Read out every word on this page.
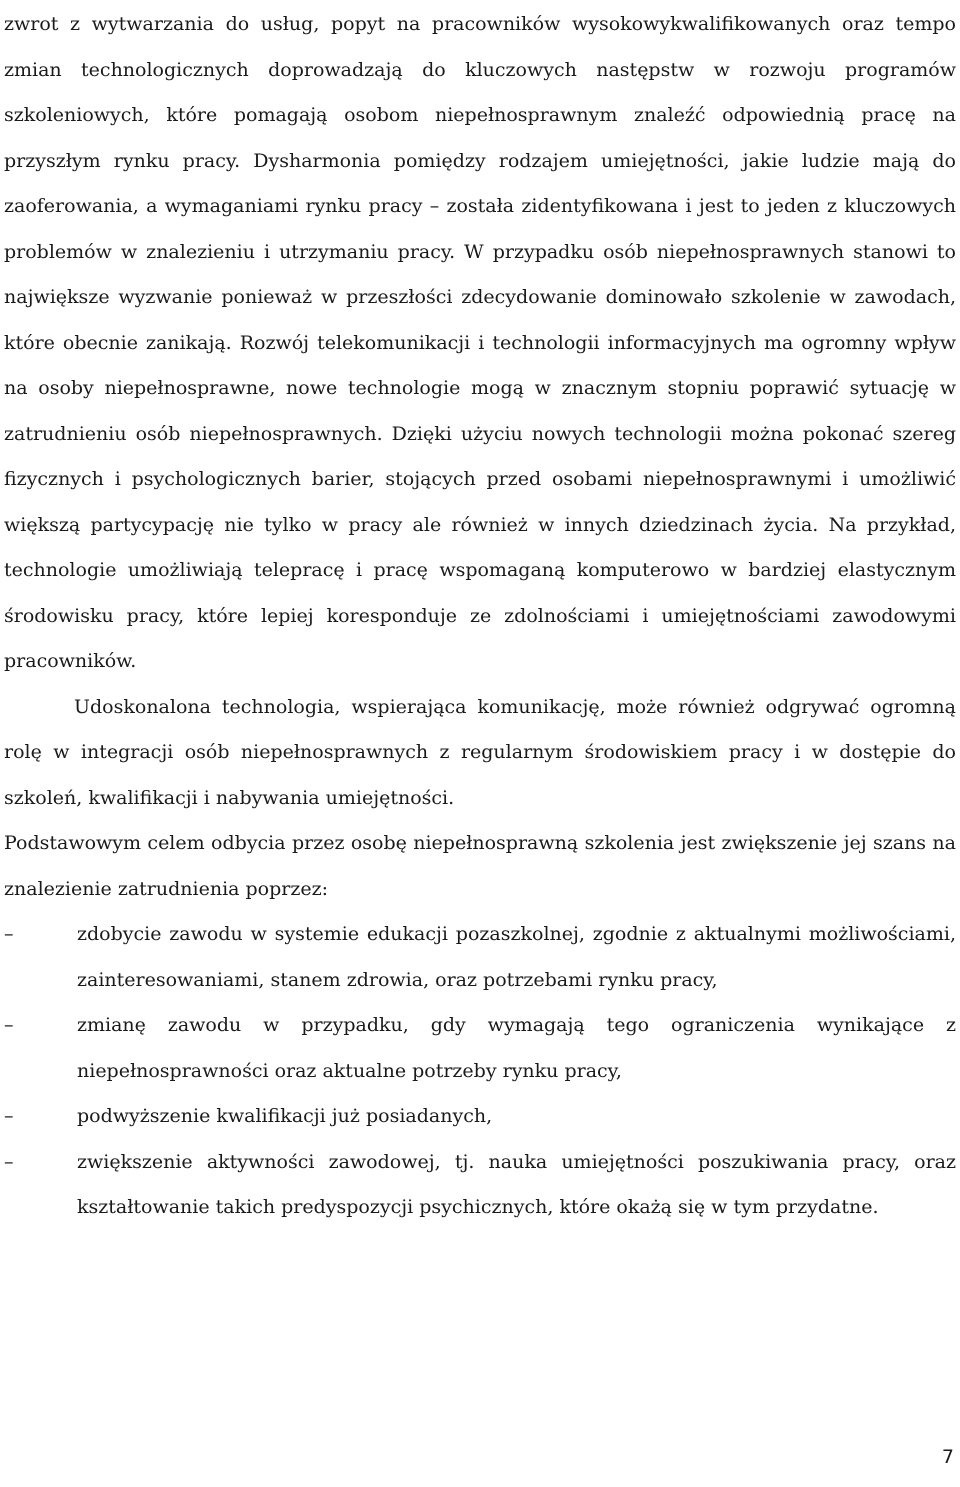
zwrot z wytwarzania do usług, popyt na pracowników wysokowykwalifikowanych oraz tempo zmian technologicznych doprowadzają do kluczowych następstw w rozwoju programów szkoleniowych, które pomagają osobom niepełnosprawnym znaleźć odpowiednią pracę na przyszłym rynku pracy. Dysharmonia pomiędzy rodzajem umiejętności, jakie ludzie mają do zaoferowania, a wymaganiami rynku pracy – została zidentyfikowana i jest to jeden z kluczowych problemów w znalezieniu i utrzymaniu pracy. W przypadku osób niepełnosprawnych stanowi to największe wyzwanie ponieważ w przeszłości zdecydowanie dominowało szkolenie w zawodach, które obecnie zanikają. Rozwój telekomunikacji i technologii informacyjnych ma ogromny wpływ na osoby niepełnosprawne, nowe technologie mogą w znacznym stopniu poprawić sytuację w zatrudnieniu osób niepełnosprawnych. Dzięki użyciu nowych technologii można pokonać szereg fizycznych i psychologicznych barier, stojących przed osobami niepełnosprawnymi i umożliwić większą partycypację nie tylko w pracy ale również w innych dziedzinach życia. Na przykład, technologie umożliwiają telepracę i pracę wspomaganą komputerowo w bardziej elastycznym środowisku pracy, które lepiej koresponduje ze zdolnościami i umiejętnościami zawodowymi pracowników.

Udoskonalona technologia, wspierająca komunikację, może również odgrywać ogromną rolę w integracji osób niepełnosprawnych z regularnym środowiskiem pracy i w dostępie do szkoleń, kwalifikacji i nabywania umiejętności.

Podstawowym celem odbycia przez osobę niepełnosprawną szkolenia jest zwiększenie jej szans na znalezienie zatrudnienia poprzez:

–	zdobycie zawodu w systemie edukacji pozaszkolnej, zgodnie z aktualnymi możliwościami, zainteresowaniami, stanem zdrowia, oraz potrzebami rynku pracy,
–	zmianę zawodu w przypadku, gdy wymagają tego ograniczenia wynikające z niepełnosprawności oraz aktualne potrzeby rynku pracy,
–	podwyższenie kwalifikacji już posiadanych,
–	zwiększenie aktywności zawodowej, tj. nauka umiejętności poszukiwania pracy, oraz kształtowanie takich predyspozycji psychicznych, które okażą się w tym przydatne.
7
